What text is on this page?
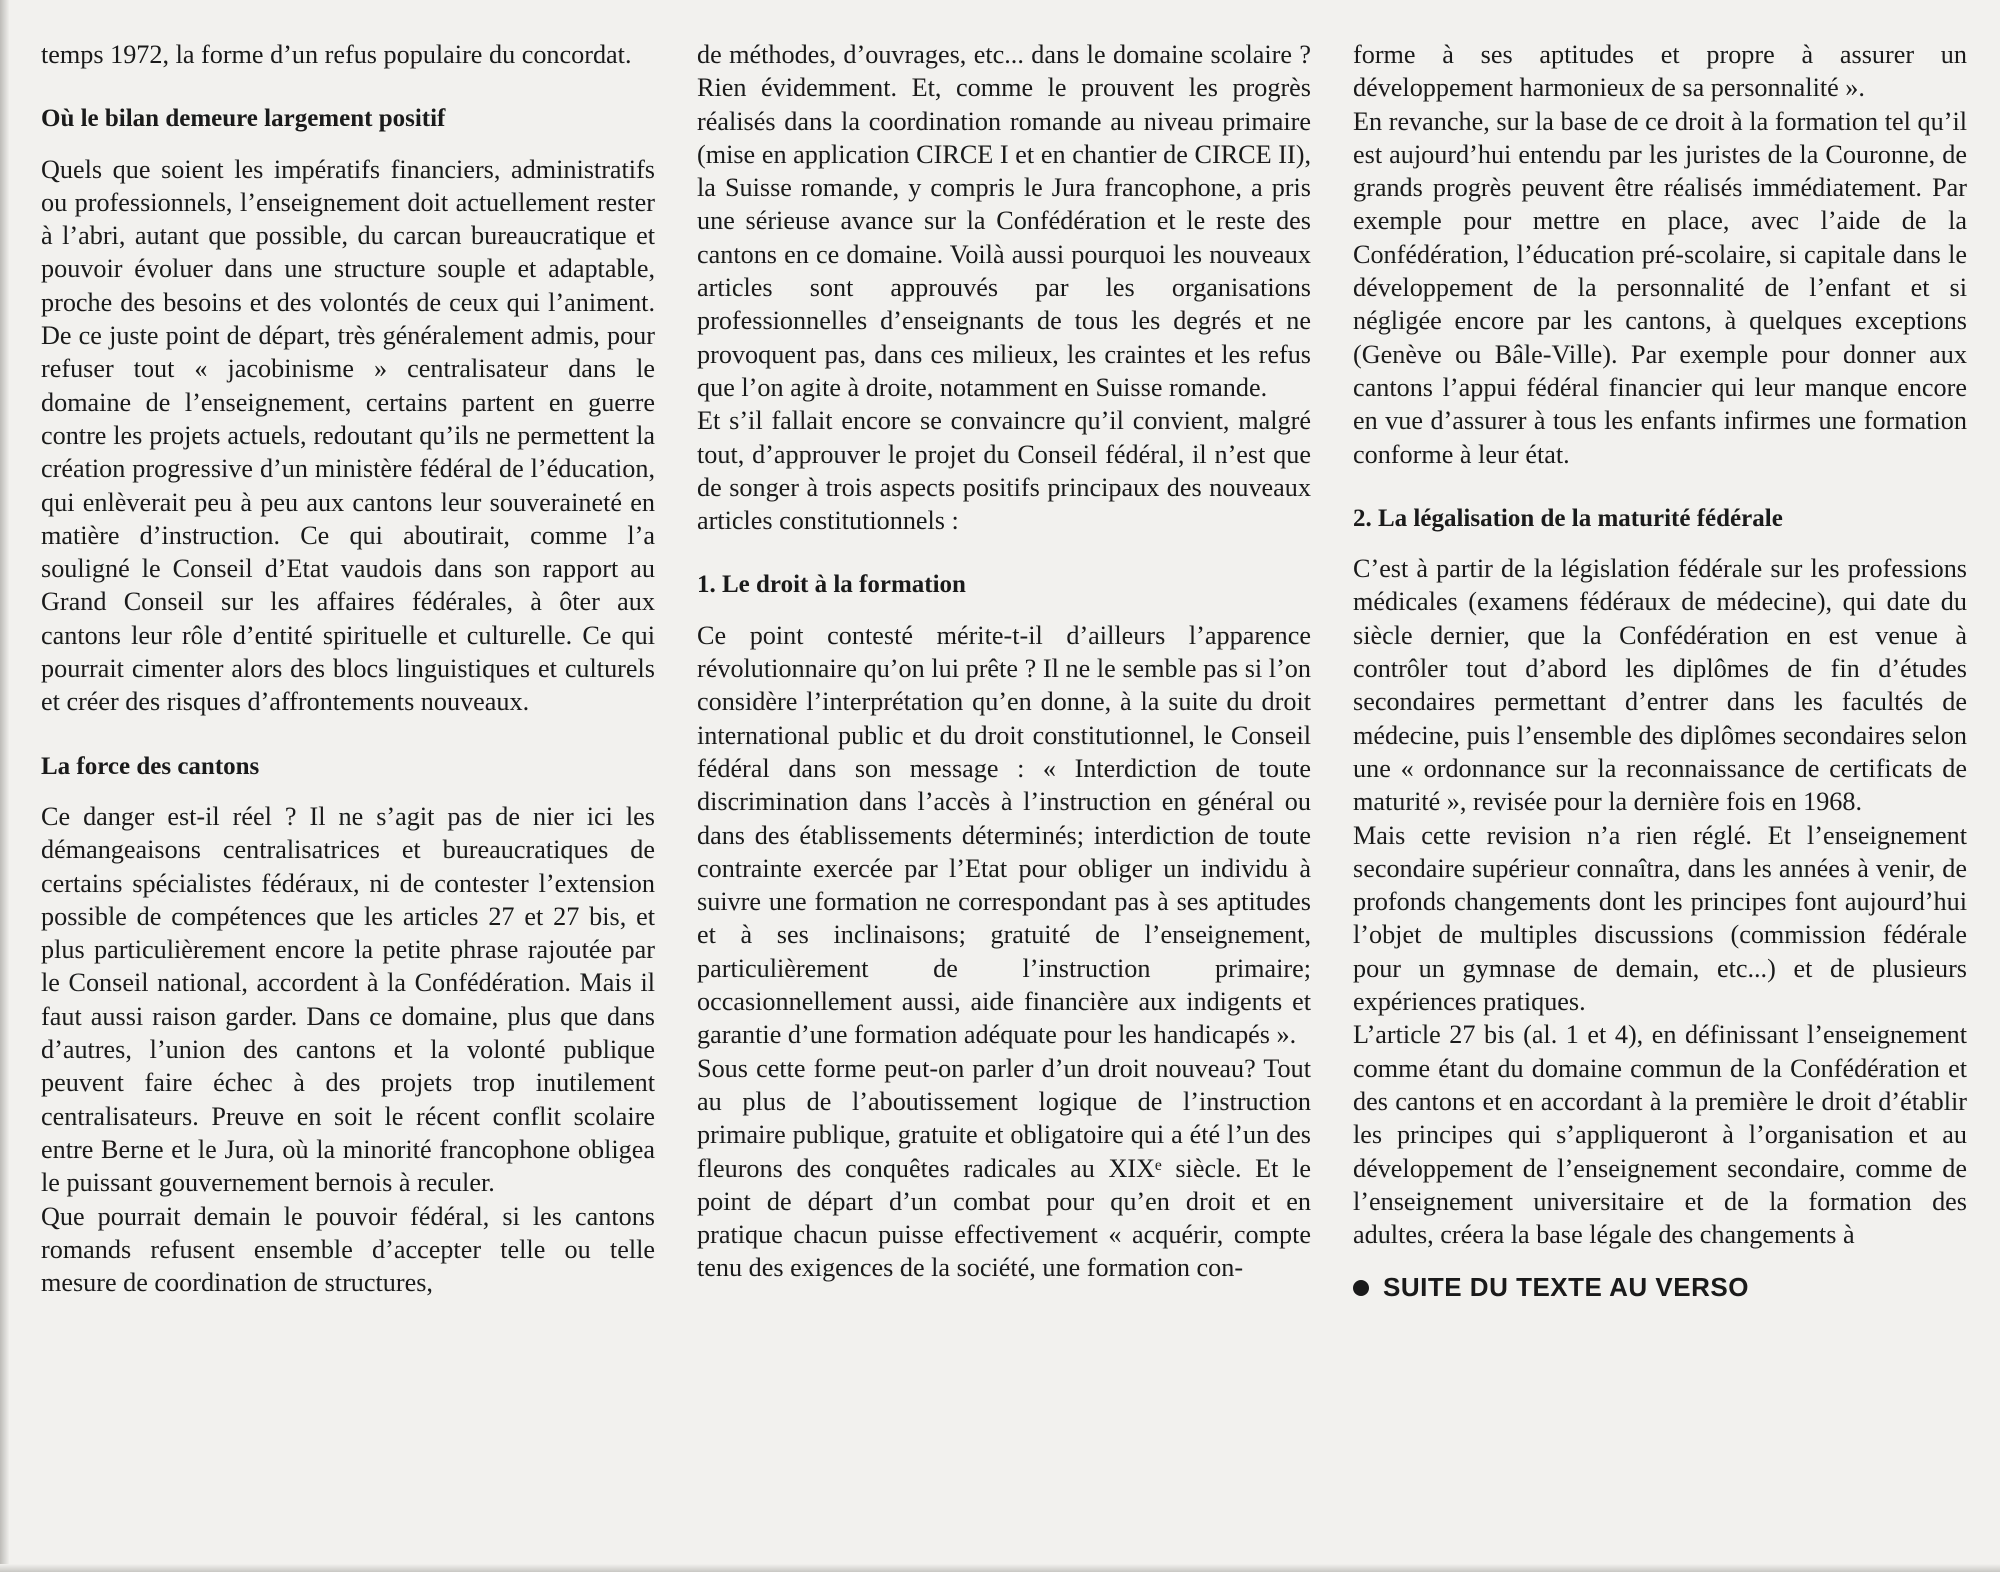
temps 1972, la forme d’un refus populaire du concordat.

Où le bilan demeure largement positif

Quels que soient les impératifs financiers, administratifs ou professionnels, l’enseignement doit actuellement rester à l’abri, autant que possible, du carcan bureaucratique et pouvoir évoluer dans une structure souple et adaptable, proche des besoins et des volontés de ceux qui l’animent. De ce juste point de départ, très généralement admis, pour refuser tout « jacobinisme » centralisateur dans le domaine de l’enseignement, certains partent en guerre contre les projets actuels, redoutant qu’ils ne permettent la création progressive d’un ministère fédéral de l’éducation, qui enlèverait peu à peu aux cantons leur souveraineté en matière d’instruction. Ce qui aboutirait, comme l’a souligné le Conseil d’Etat vaudois dans son rapport au Grand Conseil sur les affaires fédérales, à ôter aux cantons leur rôle d’entité spirituelle et culturelle. Ce qui pourrait cimenter alors des blocs linguistiques et culturels et créer des risques d’affrontements nouveaux.

La force des cantons

Ce danger est-il réel ? Il ne s’agit pas de nier ici les démangeaisons centralisatrices et bureaucratiques de certains spécialistes fédéraux, ni de contester l’extension possible de compétences que les articles 27 et 27 bis, et plus particulièrement encore la petite phrase rajoutée par le Conseil national, accordent à la Confédération. Mais il faut aussi raison garder. Dans ce domaine, plus que dans d’autres, l’union des cantons et la volonté publique peuvent faire échec à des projets trop inutilement centralisateurs. Preuve en soit le récent conflit scolaire entre Berne et le Jura, où la minorité francophone obligea le puissant gouvernement bernois à reculer.

Que pourrait demain le pouvoir fédéral, si les cantons romands refusent ensemble d’accepter telle ou telle mesure de coordination de structures,

de méthodes, d’ouvrages, etc... dans le domaine scolaire ? Rien évidemment. Et, comme le prouvent les progrès réalisés dans la coordination romande au niveau primaire (mise en application CIRCE I et en chantier de CIRCE II), la Suisse romande, y compris le Jura francophone, a pris une sérieuse avance sur la Confédération et le reste des cantons en ce domaine. Voilà aussi pourquoi les nouveaux articles sont approuvés par les organisations professionnelles d’enseignants de tous les degrés et ne provoquent pas, dans ces milieux, les craintes et les refus que l’on agite à droite, notamment en Suisse romande.

Et s’il fallait encore se convaincre qu’il convient, malgré tout, d’approuver le projet du Conseil fédéral, il n’est que de songer à trois aspects positifs principaux des nouveaux articles constitutionnels :

1. Le droit à la formation

Ce point contesté mérite-t-il d’ailleurs l’apparence révolutionnaire qu’on lui prête ? Il ne le semble pas si l’on considère l’interprétation qu’en donne, à la suite du droit international public et du droit constitutionnel, le Conseil fédéral dans son message : « Interdiction de toute discrimination dans l’accès à l’instruction en général ou dans des établissements déterminés; interdiction de toute contrainte exercée par l’Etat pour obliger un individu à suivre une formation ne correspondant pas à ses aptitudes et à ses inclinaisons; gratuité de l’enseignement, particulièrement de l’instruction primaire; occasionnellement aussi, aide financière aux indigents et garantie d’une formation adéquate pour les handicapés ».

Sous cette forme peut-on parler d’un droit nouveau? Tout au plus de l’aboutissement logique de l’instruction primaire publique, gratuite et obligatoire qui a été l’un des fleurons des conquêtes radicales au XIXᵉ siècle. Et le point de départ d’un combat pour qu’en droit et en pratique chacun puisse effectivement « acquérir, compte tenu des exigences de la société, une formation con-

forme à ses aptitudes et propre à assurer un développement harmonieux de sa personnalité ».

En revanche, sur la base de ce droit à la formation tel qu’il est aujourd’hui entendu par les juristes de la Couronne, de grands progrès peuvent être réalisés immédiatement. Par exemple pour mettre en place, avec l’aide de la Confédération, l’éducation pré-scolaire, si capitale dans le développement de la personnalité de l’enfant et si négligée encore par les cantons, à quelques exceptions (Genève ou Bâle-Ville). Par exemple pour donner aux cantons l’appui fédéral financier qui leur manque encore en vue d’assurer à tous les enfants infirmes une formation conforme à leur état.

2. La légalisation de la maturité fédérale

C’est à partir de la législation fédérale sur les professions médicales (examens fédéraux de médecine), qui date du siècle dernier, que la Confédération en est venue à contrôler tout d’abord les diplômes de fin d’études secondaires permettant d’entrer dans les facultés de médecine, puis l’ensemble des diplômes secondaires selon une « ordonnance sur la reconnaissance de certificats de maturité », revisée pour la dernière fois en 1968.

Mais cette revision n’a rien réglé. Et l’enseignement secondaire supérieur connaîtra, dans les années à venir, de profonds changements dont les principes font aujourd’hui l’objet de multiples discussions (commission fédérale pour un gymnase de demain, etc...) et de plusieurs expériences pratiques.

L’article 27 bis (al. 1 et 4), en définissant l’enseignement comme étant du domaine commun de la Confédération et des cantons et en accordant à la première le droit d’établir les principes qui s’appliqueront à l’organisation et au développement de l’enseignement secondaire, comme de l’enseignement universitaire et de la formation des adultes, créera la base légale des changements à

SUITE DU TEXTE AU VERSO
